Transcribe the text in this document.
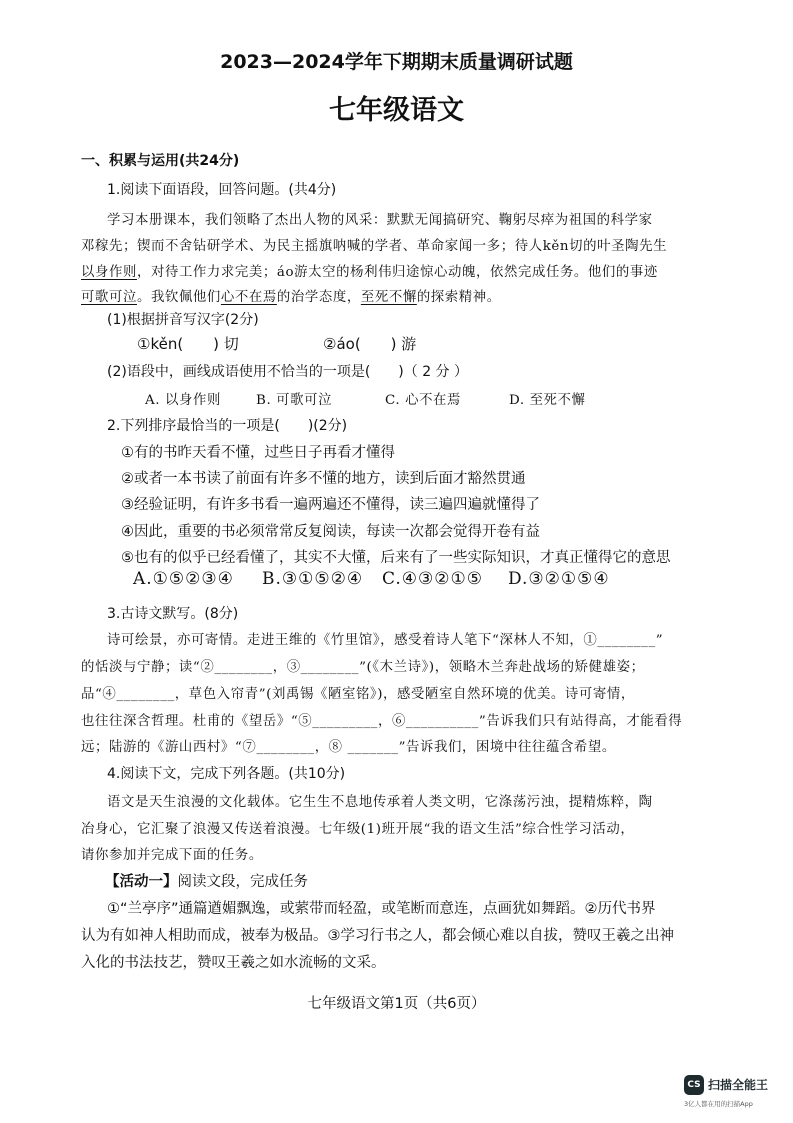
2023—2024学年下期期末质量调研试题
七年级语文
一、积累与运用(共24分)
1.阅读下面语段，回答问题。(共4分)
学习本册课本，我们领略了杰出人物的风采：默默无闻搞研究、鞠躬尽瘁为祖国的科学家
邓稼先；锲而不舍钻研学术、为民主摇旗呐喊的学者、革命家闻一多；待人kěn切的叶圣陶先生
以身作则，对待工作力求完美；áo游太空的杨利伟归途惊心动魄，依然完成任务。他们的事迹
可歌可泣。我钦佩他们心不在焉的治学态度，至死不懈的探索精神。
(1)根据拼音写汉字(2分)
①kěn(　　) 切	②áo(　　) 游
(2)语段中，画线成语使用不恰当的一项是(　　)（ 2 分 ）
A. 以身作则	B. 可歌可泣	C. 心不在焉	D. 至死不懈
2.下列排序最恰当的一项是(　　)(2分)
①有的书昨天看不懂，过些日子再看才懂得
②或者一本书读了前面有许多不懂的地方，读到后面才豁然贯通
③经验证明，有许多书看一遍两遍还不懂得，读三遍四遍就懂得了
④因此，重要的书必须常常反复阅读，每读一次都会觉得开卷有益
⑤也有的似乎已经看懂了，其实不大懂，后来有了一些实际知识，才真正懂得它的意思
A.①⑤②③④ B.③①⑤②④ C.④③②①⑤ D.③②①⑤④
3.古诗文默写。(8分)
诗可绘景，亦可寄情。走进王维的《竹里馆》，感受着诗人笔下“深林人不知，①________”
的恬淡与宁静；读“②________，③________”(《木兰诗》)，领略木兰奔赴战场的矫健雄姿；
品“④________，草色入帘青”(刘禹锡《陋室铭》)，感受陋室自然环境的优美。诗可寄情，
也往往深含哲理。杜甫的《望岳》“⑤_________，⑥__________”告诉我们只有站得高，才能看得
远；陆游的《游山西村》“⑦________，⑧ _______”告诉我们，困境中往往蕴含希望。
4.阅读下文，完成下列各题。(共10分)
语文是天生浪漫的文化载体。它生生不息地传承着人类文明，它涤荡污浊，提精炼粹，陶
冶身心，它汇聚了浪漫又传送着浪漫。七年级(1)班开展“我的语文生活”综合性学习活动，
请你参加并完成下面的任务。
【活动一】阅读文段，完成任务
①“兰亭序”通篇遒媚飘逸，或萦带而轻盈，或笔断而意连，点画犹如舞蹈。②历代书界
认为有如神人相助而成，被奉为极品。③学习行书之人，都会倾心难以自拔，赞叹王羲之出神
入化的书法技艺，赞叹王羲之如水流畅的文采。
七年级语文第1页（共6页）
CS 扫描全能王
3亿人都在用的扫描App
